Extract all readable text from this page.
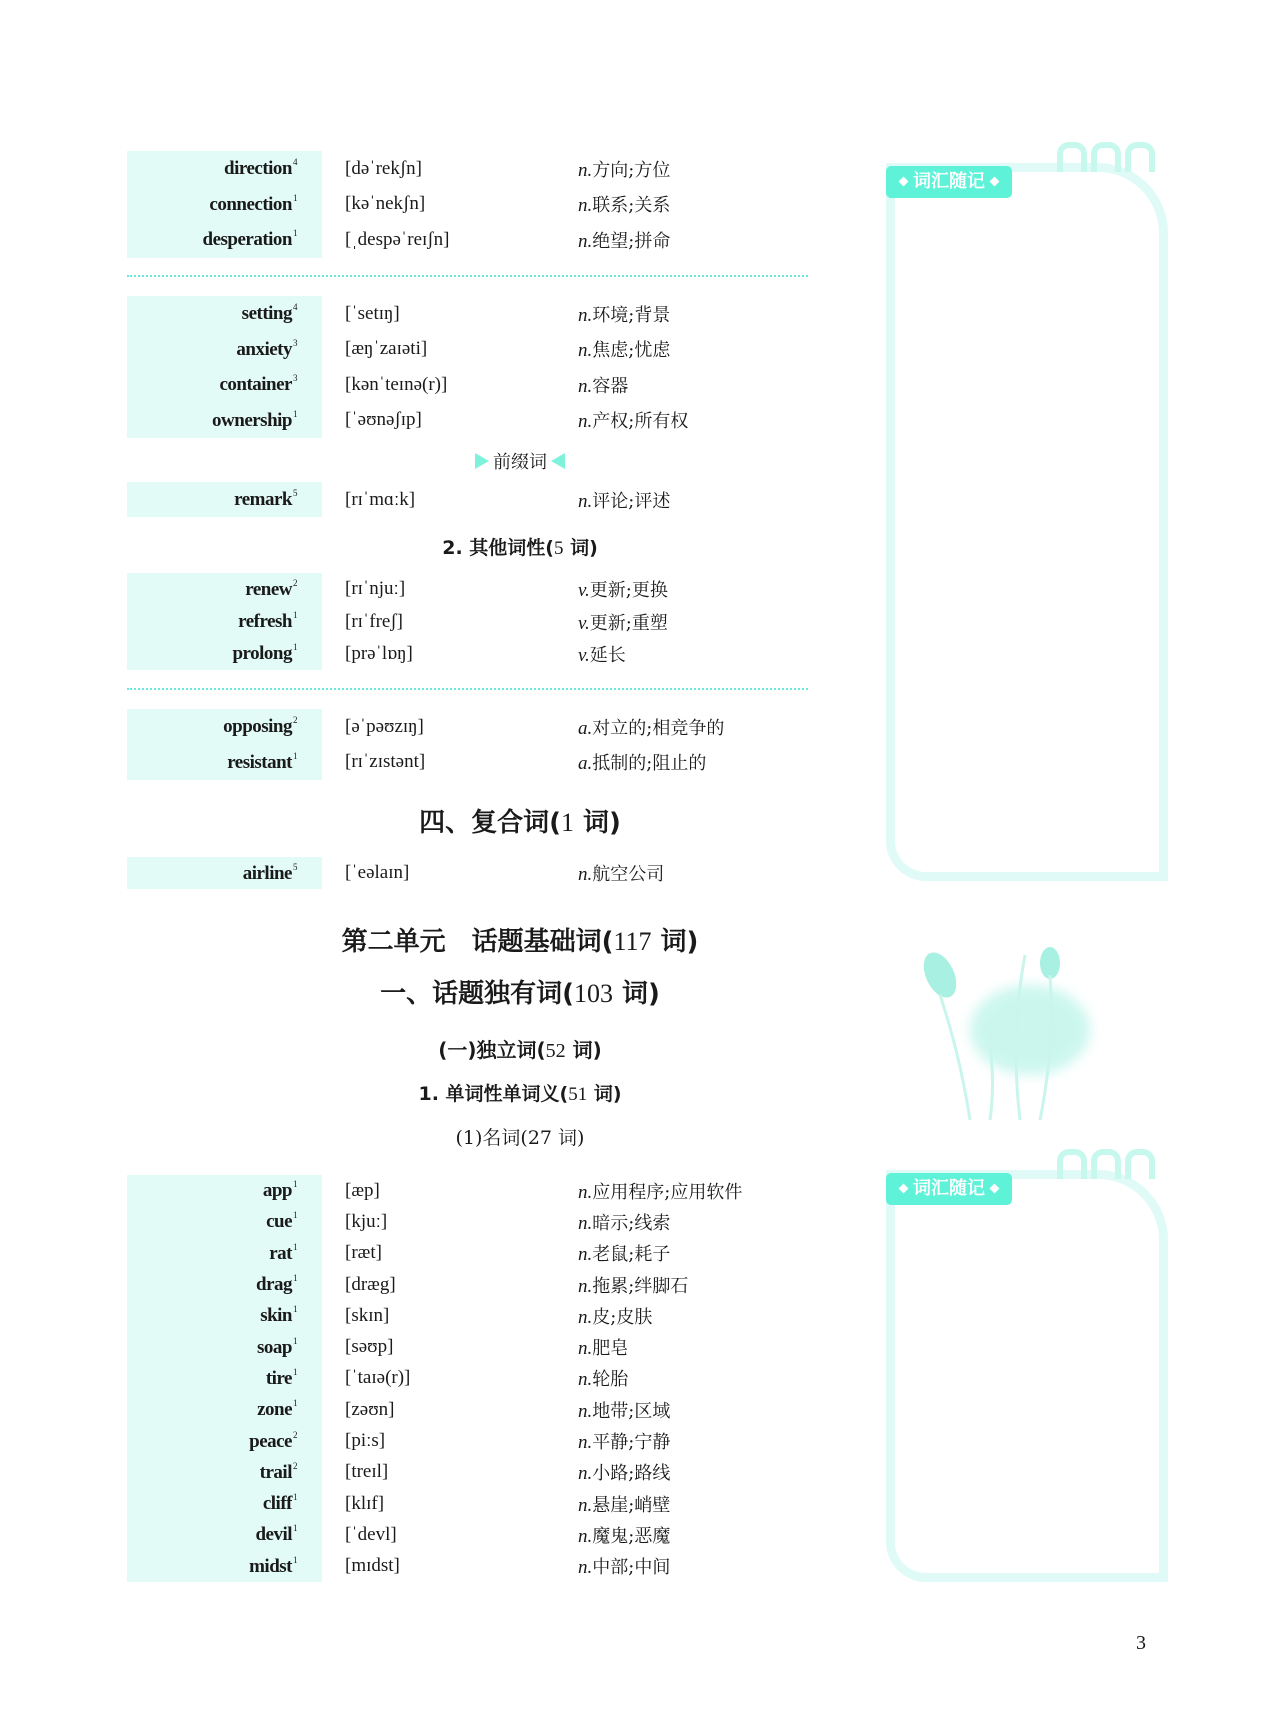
词汇随记
词汇随记
direction$^4$	[dəˈrekʃn]	n.方向;方位
connection$^1$	[kəˈnekʃn]	n.联系;关系
desperation$^1$	[ˌdespəˈreɪʃn]	n.绝望;拼命
setting$^4$	[ˈsetɪŋ]	n.环境;背景
anxiety$^3$	[æŋˈzaɪəti]	n.焦虑;忧虑
container$^3$	[kənˈteɪnə(r)]	n.容器
ownership$^1$	[ˈəʊnəʃɪp]	n.产权;所有权
前缀词
remark$^5$	[rɪˈmɑːk]	n.评论;评述
2. 其他词性(5 词)
renew$^2$	[rɪˈnjuː]	v.更新;更换
refresh$^1$	[rɪˈfreʃ]	v.更新;重塑
prolong$^1$	[prəˈlɒŋ]	v.延长
opposing$^2$	[əˈpəʊzɪŋ]	a.对立的;相竞争的
resistant$^1$	[rɪˈzɪstənt]	a.抵制的;阻止的
四、复合词(1 词)
airline$^5$	[ˈeəlaɪn]	n.航空公司
第二单元　话题基础词(117 词)
一、话题独有词(103 词)
(一)独立词(52 词)
1. 单词性单词义(51 词)
(1)名词(27 词)
app$^1$	[æp]	n.应用程序;应用软件
cue$^1$	[kjuː]	n.暗示;线索
rat$^1$	[ræt]	n.老鼠;耗子
drag$^1$	[dræg]	n.拖累;绊脚石
skin$^1$	[skɪn]	n.皮;皮肤
soap$^1$	[səʊp]	n.肥皂
tire$^1$	[ˈtaɪə(r)]	n.轮胎
zone$^1$	[zəʊn]	n.地带;区域
peace$^2$	[piːs]	n.平静;宁静
trail$^2$	[treɪl]	n.小路;路线
cliff$^1$	[klɪf]	n.悬崖;峭壁
devil$^1$	[ˈdevl]	n.魔鬼;恶魔
midst$^1$	[mɪdst]	n.中部;中间
3
